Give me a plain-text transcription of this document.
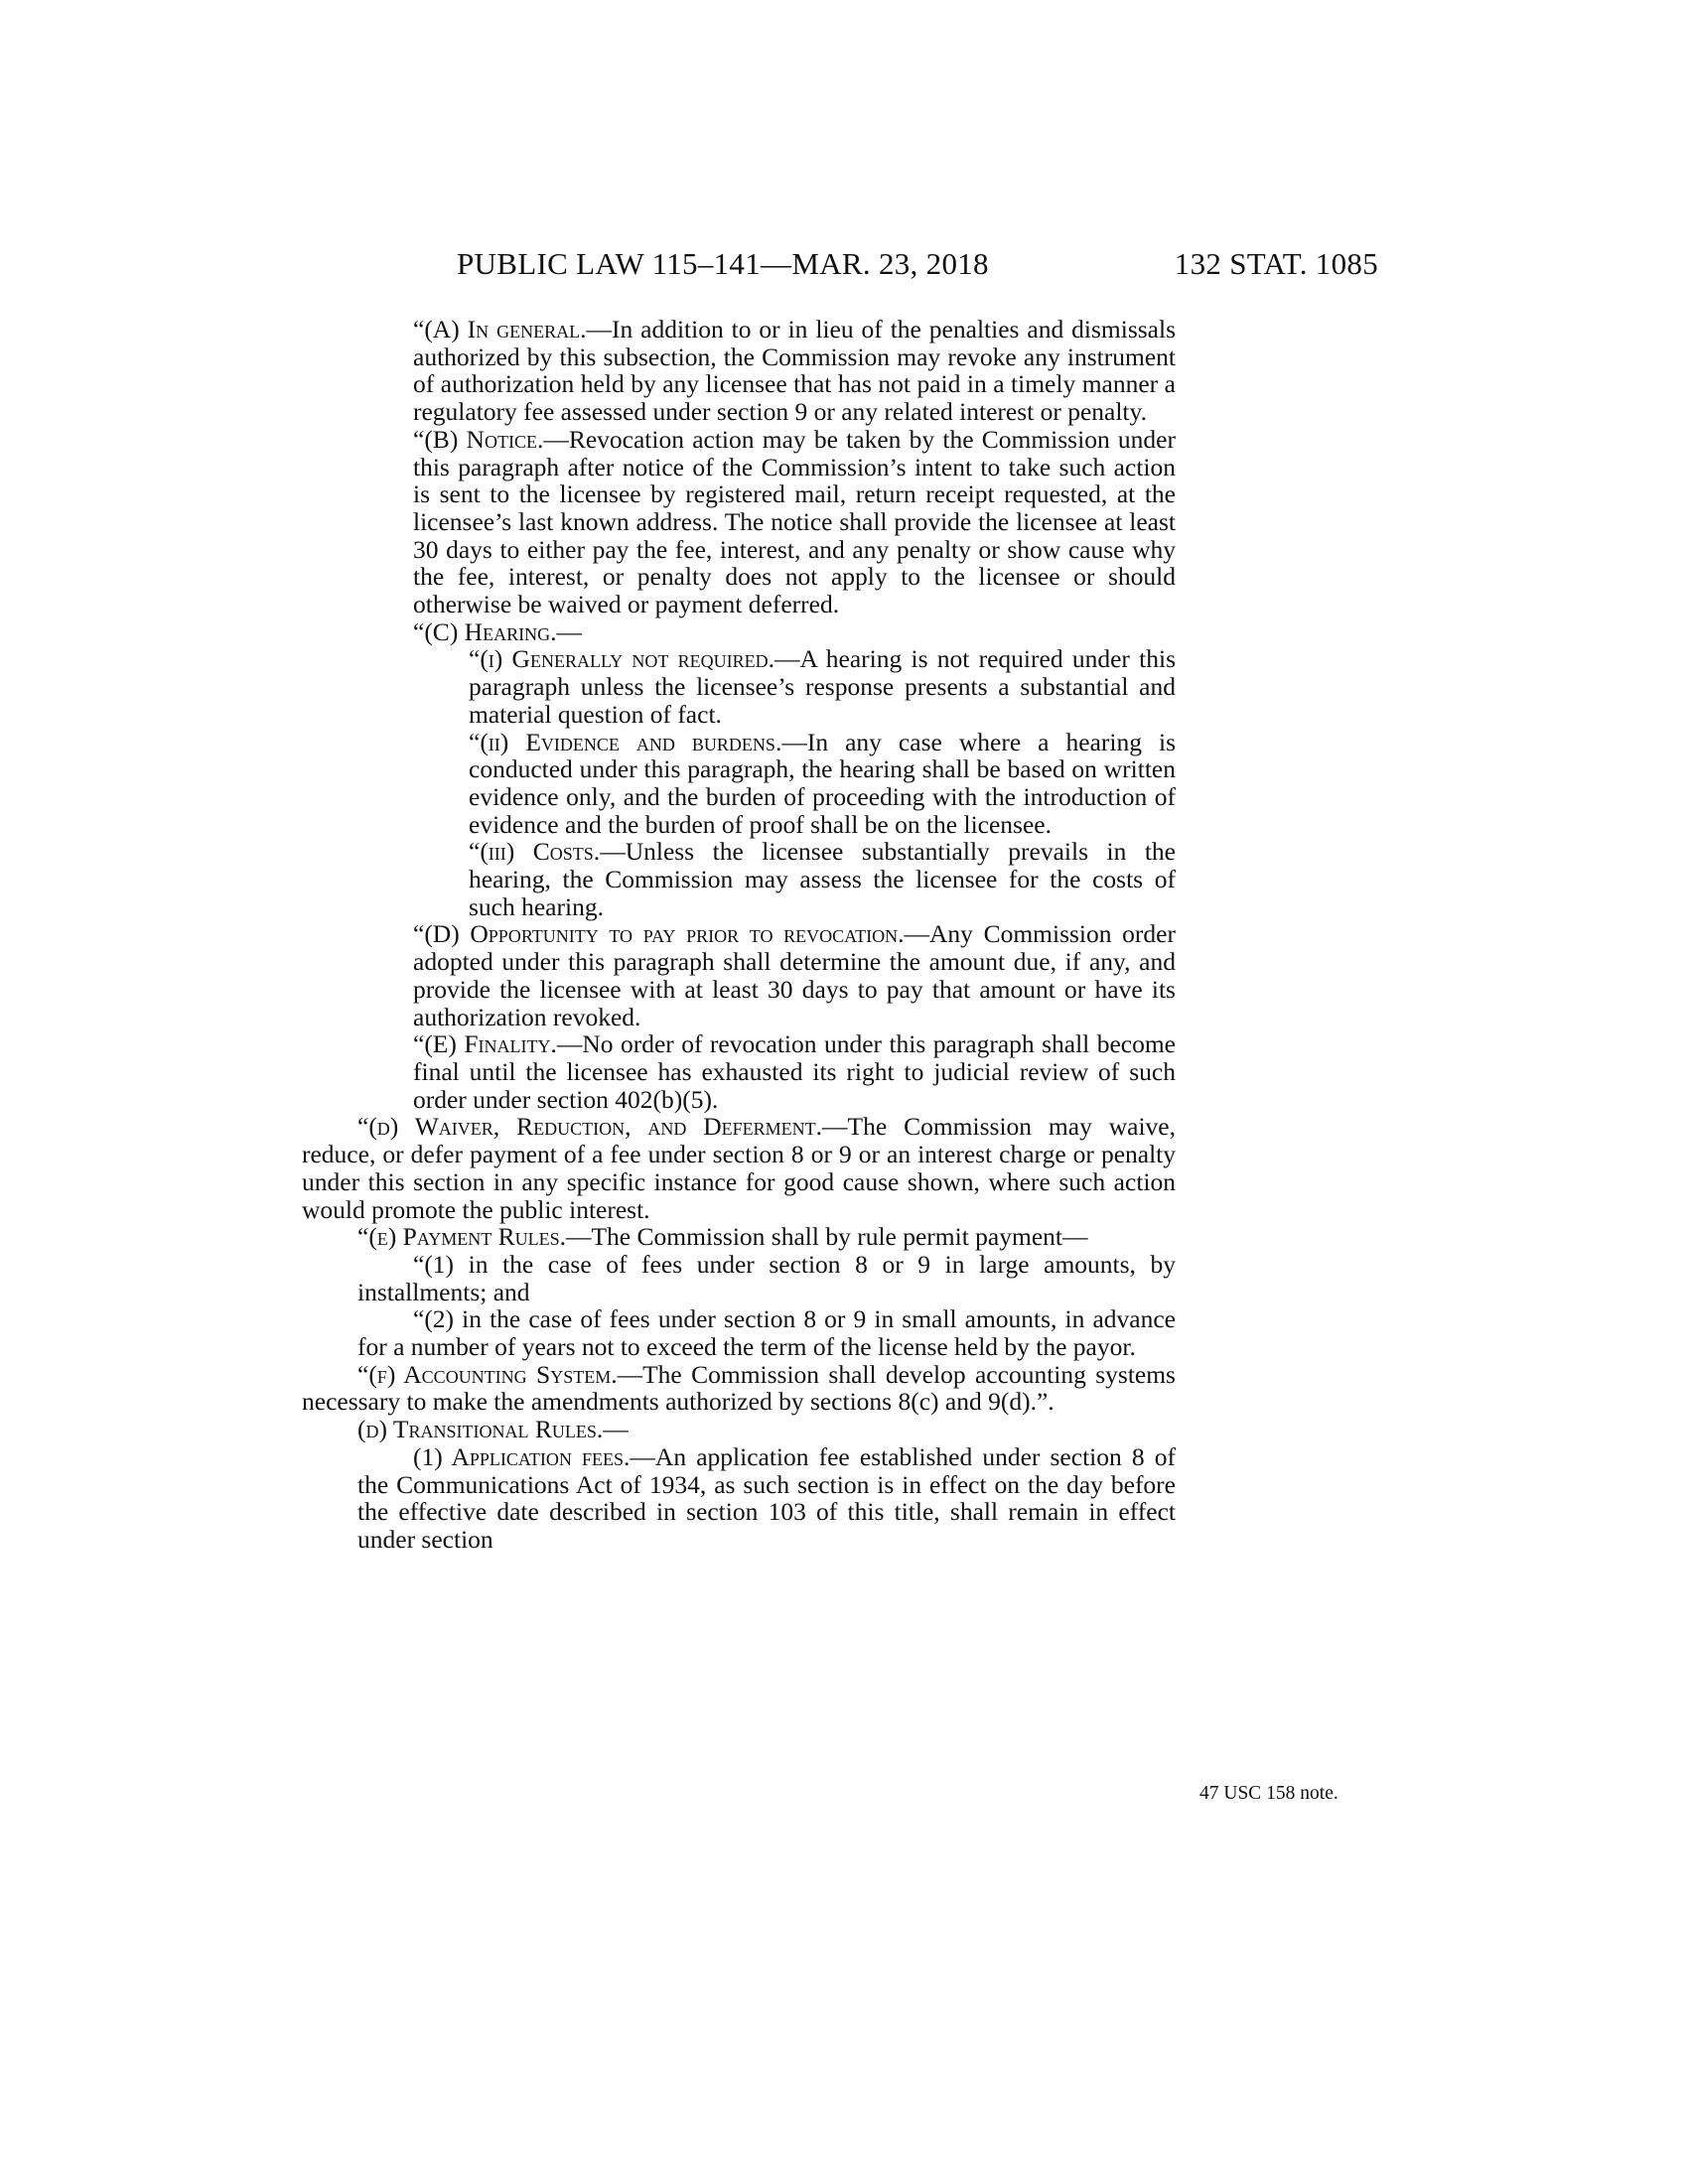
PUBLIC LAW 115–141—MAR. 23, 2018	132 STAT. 1085

“(A) In general.—In addition to or in lieu of the penalties and dismissals authorized by this subsection, the Commission may revoke any instrument of authorization held by any licensee that has not paid in a timely manner a regulatory fee assessed under section 9 or any related interest or penalty.

“(B) Notice.—Revocation action may be taken by the Commission under this paragraph after notice of the Commission’s intent to take such action is sent to the licensee by registered mail, return receipt requested, at the licensee’s last known address. The notice shall provide the licensee at least 30 days to either pay the fee, interest, and any penalty or show cause why the fee, interest, or penalty does not apply to the licensee or should otherwise be waived or payment deferred.

“(C) Hearing.—

“(i) Generally not required.—A hearing is not required under this paragraph unless the licensee’s response presents a substantial and material question of fact.

“(ii) Evidence and burdens.—In any case where a hearing is conducted under this paragraph, the hearing shall be based on written evidence only, and the burden of proceeding with the introduction of evidence and the burden of proof shall be on the licensee.

“(iii) Costs.—Unless the licensee substantially prevails in the hearing, the Commission may assess the licensee for the costs of such hearing.

“(D) Opportunity to pay prior to revocation.—Any Commission order adopted under this paragraph shall determine the amount due, if any, and provide the licensee with at least 30 days to pay that amount or have its authorization revoked.

“(E) Finality.—No order of revocation under this paragraph shall become final until the licensee has exhausted its right to judicial review of such order under section 402(b)(5).

“(d) Waiver, Reduction, and Deferment.—The Commission may waive, reduce, or defer payment of a fee under section 8 or 9 or an interest charge or penalty under this section in any specific instance for good cause shown, where such action would promote the public interest.

“(e) Payment Rules.—The Commission shall by rule permit payment—

“(1) in the case of fees under section 8 or 9 in large amounts, by installments; and

“(2) in the case of fees under section 8 or 9 in small amounts, in advance for a number of years not to exceed the term of the license held by the payor.

“(f) Accounting System.—The Commission shall develop accounting systems necessary to make the amendments authorized by sections 8(c) and 9(d).”.

(d) Transitional Rules.—

(1) Application fees.—An application fee established under section 8 of the Communications Act of 1934, as such section is in effect on the day before the effective date described in section 103 of this title, shall remain in effect under section

47 USC 158 note.
